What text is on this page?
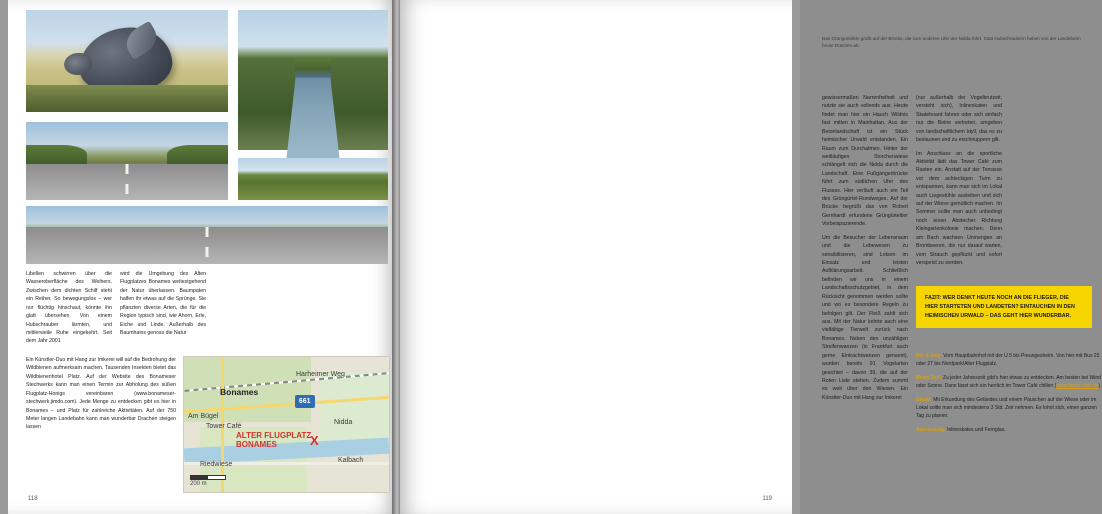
Libellen schwirren über die Wasseroberfläche des Weihers. Zwischen dem dichten Schilf steht ein Reiher. So bewegungslos – wer nur flüchtig hinschaut, könnte ihn glatt übersehen. Von einem Hubschrauber lärmten, und mittlerweile Ruhe eingekehrt. Seit dem Jahr 2001

wird die Umgebung des Alten Flugplatzes Bonames weitestgehend der Natur überlassen. Baumpaten halfen ihr etwas auf die Sprünge. Sie pflanzten diverse Arten, die für die Region typisch sind, wie Ahorn, Erle, Eiche und Linde. Außerhalb des Baumhains genoss die Natur

Ein Künstler-Duo mit Hang zur Imkerei will auf die Bedrohung der Wildbienen aufmerksam machen. Tausenden Insekten bietet das Wildbienenhotel Platz. Auf der Website des Bonameser Stechwerks kann man einen Termin zur Abholung des süßen Flugplatz-Honigs vereinbaren (www.bonameser-stechwerk.jimdo.com). Jede Menge zu entdecken gibt es hier in Bonames – und Platz für zahlreiche Aktivitäten. Auf der 750 Meter langen Landebahn kann man wunderbar Drachen steigen lassen

661
Bonames
ALTER FLUGPLATZ
BONAMES
Tower Café
Riedwiese
Harheimer Weg
Nidda
Kalbach
Am Bügel
X
200 m
118
Das Grüngürteltier grüßt auf der Brücke, die zum anderen Ufer der Nidda führt. Statt Hubschraubern heben von der Landebahn heute Drachen ab.

gewissermaßen Narrenfreiheit und nutzte sie auch vollends aus. Heute findet man hier ein Hauch Wildnis fast mitten in Mainhattan. Aus der Betonlandschaft ist ein Stück heimischer Urwald entstanden. Ein Raum zum Durchatmen. Hinter der weitläufigen Storchenwiese schlängelt sich die Nidda durch die Landschaft. Eine Fußgängerbrücke führt zum südlichen Ufer des Flusses. Hier verläuft auch ein Teil des Grüngürtel-Rundweges. Auf der Brücke begrüßt das von Robert Gernhardt erfundene Grüngürteltier Vorbeispazierende.

Um die Besucher der Lebensraum und die Lebewesen zu sensibilisieren, sind Lotsen im Einsatz und leisten Aufklärungsarbeit. Schließlich befinden wir uns in einem Landschaftsschutzgebiet, in dem Rücksicht genommen werden sollte und wo es besondere Regeln zu befolgen gilt. Der Fleiß zahlt sich aus. Mit der Natur kehrte auch eine vielfältige Tierwelt zurück nach Bonames. Neben den unzähligen Streifenwanzen (in Frankfurt auch gerne Eintrachtwanzen genannt), wurden bereits 91 Vogelarten gesichtet – davon 39, die auf der Roten Liste stehen. Zudem summt es weit über den Wiesen. Ein Künstler-Duo mit Hang zur Imkerei

(nur außerhalb der Vogelbrutzeit, versteht sich), Inlineskaten und Skateboard fahren oder sich einfach nur die Beine vertreten, umgeben von landschaftlichem Idyll, das es zu bestaunen und zu erschnuppern gilt.

Im Anschluss an die sportliche Aktivität lädt das Tower Café zum Rasten ein. Anstatt auf der Terrasse vor dem achteckigen Turm zu entspannen, kann man sich im Lokal auch Liegestühle ausleihen und sich auf der Wiese gemütlich machen. Im Sommer sollte man auch unbedingt noch einen Abstecher Richtung Kleingartenkolonie machen. Denn am Bach wachsen Unmengen an Brombeeren, die nur darauf warten, vom Strauch gepflückt und sofort verspeist zu werden.

FAZIT: WER DENKT HEUTE NOCH AN DIE FLIEGER, DIE HIER STARTETEN UND LANDETEN? EINTAUCHEN IN DEN HEIMISCHEN URWALD – DAS GEHT HIER WUNDERBAR.
Hin & weg: Vom Hauptbahnhof mit der U 5 bis Preungesheim. Von hier mit Bus 25 oder 27 bis Nordpark/Alter Flugplatz.
Beste Zeit: Zu jeder Jahreszeit gibt's hier etwas zu entdecken. Am besten bei Wind oder Sonne. Dann lässt sich ein herrlich im Tower Café chillen (www.tower-cafe.de).
Dauer: Mit Erkundung des Geländes und einem Päuschen auf der Wiese oder im Lokal sollte man sich mindestens 3 Std. Zeit nehmen. Es lohnt sich, einen ganzen Tag zu planen.
Ausrüstung: Inlineskates und Fernglas.
119
